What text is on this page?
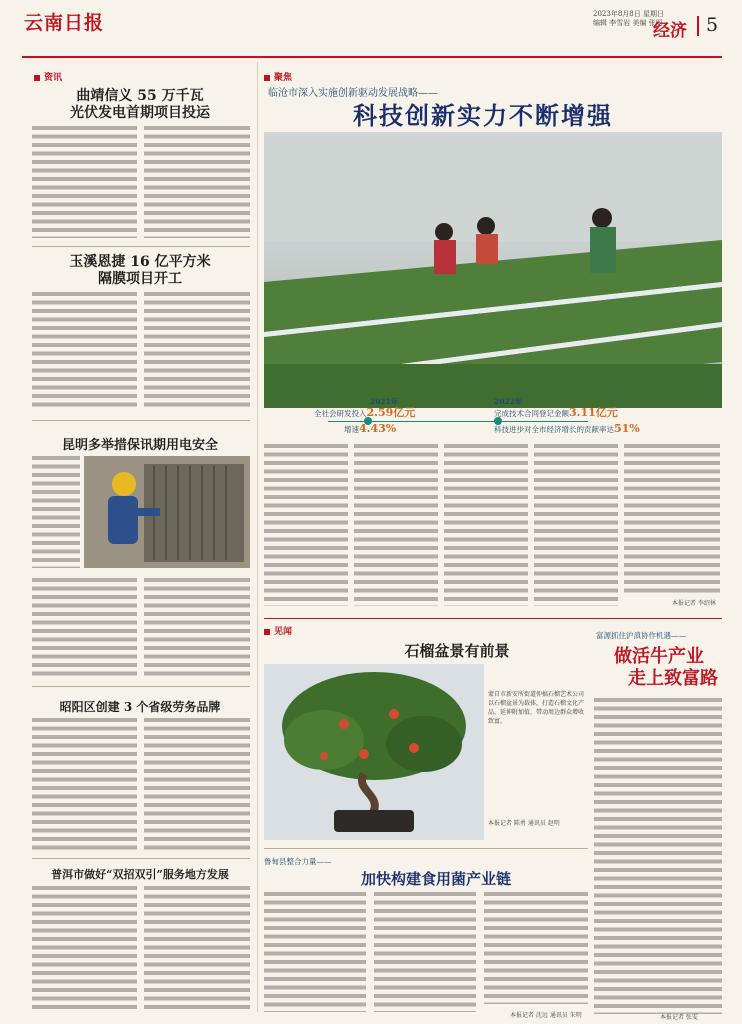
云南日报	2023年8月8日 星期日
编辑 李雪岩 美编 张丽
经济 5
资讯
曲靖信义 55 万千瓦
光伏发电首期项目投运
玉溪恩捷 16 亿平方米
隔膜项目开工
昆明多举措保讯期用电安全
昭阳区创建 3 个省级劳务品牌
普洱市做好“双招双引”服务地方发展
聚焦
临沧市深入实施创新驱动发展战略——
科技创新实力不断增强
2021年	2022年
全社会研发投入2.59亿元
增速4.43%
完成技术合同登记金额3.11亿元
科技进步对全市经济增长的贡献率达51%
本报记者 李绍林
见闻
石榴盆景有前景
蒙自市新安所街道仲搞石榴艺术公司以石榴盆景为载体，打造石榴文化产品，延伸附加值，带动周边群众增收致富。
本报记者 陈勇 通讯员 赵明
富源抓住沪滇协作机遇——
做活牛产业
走上致富路
本报记者 张雯
鲁甸县整合力量——
加快构建食用菌产业链
本报记者 沈远 通讯员 朱明
